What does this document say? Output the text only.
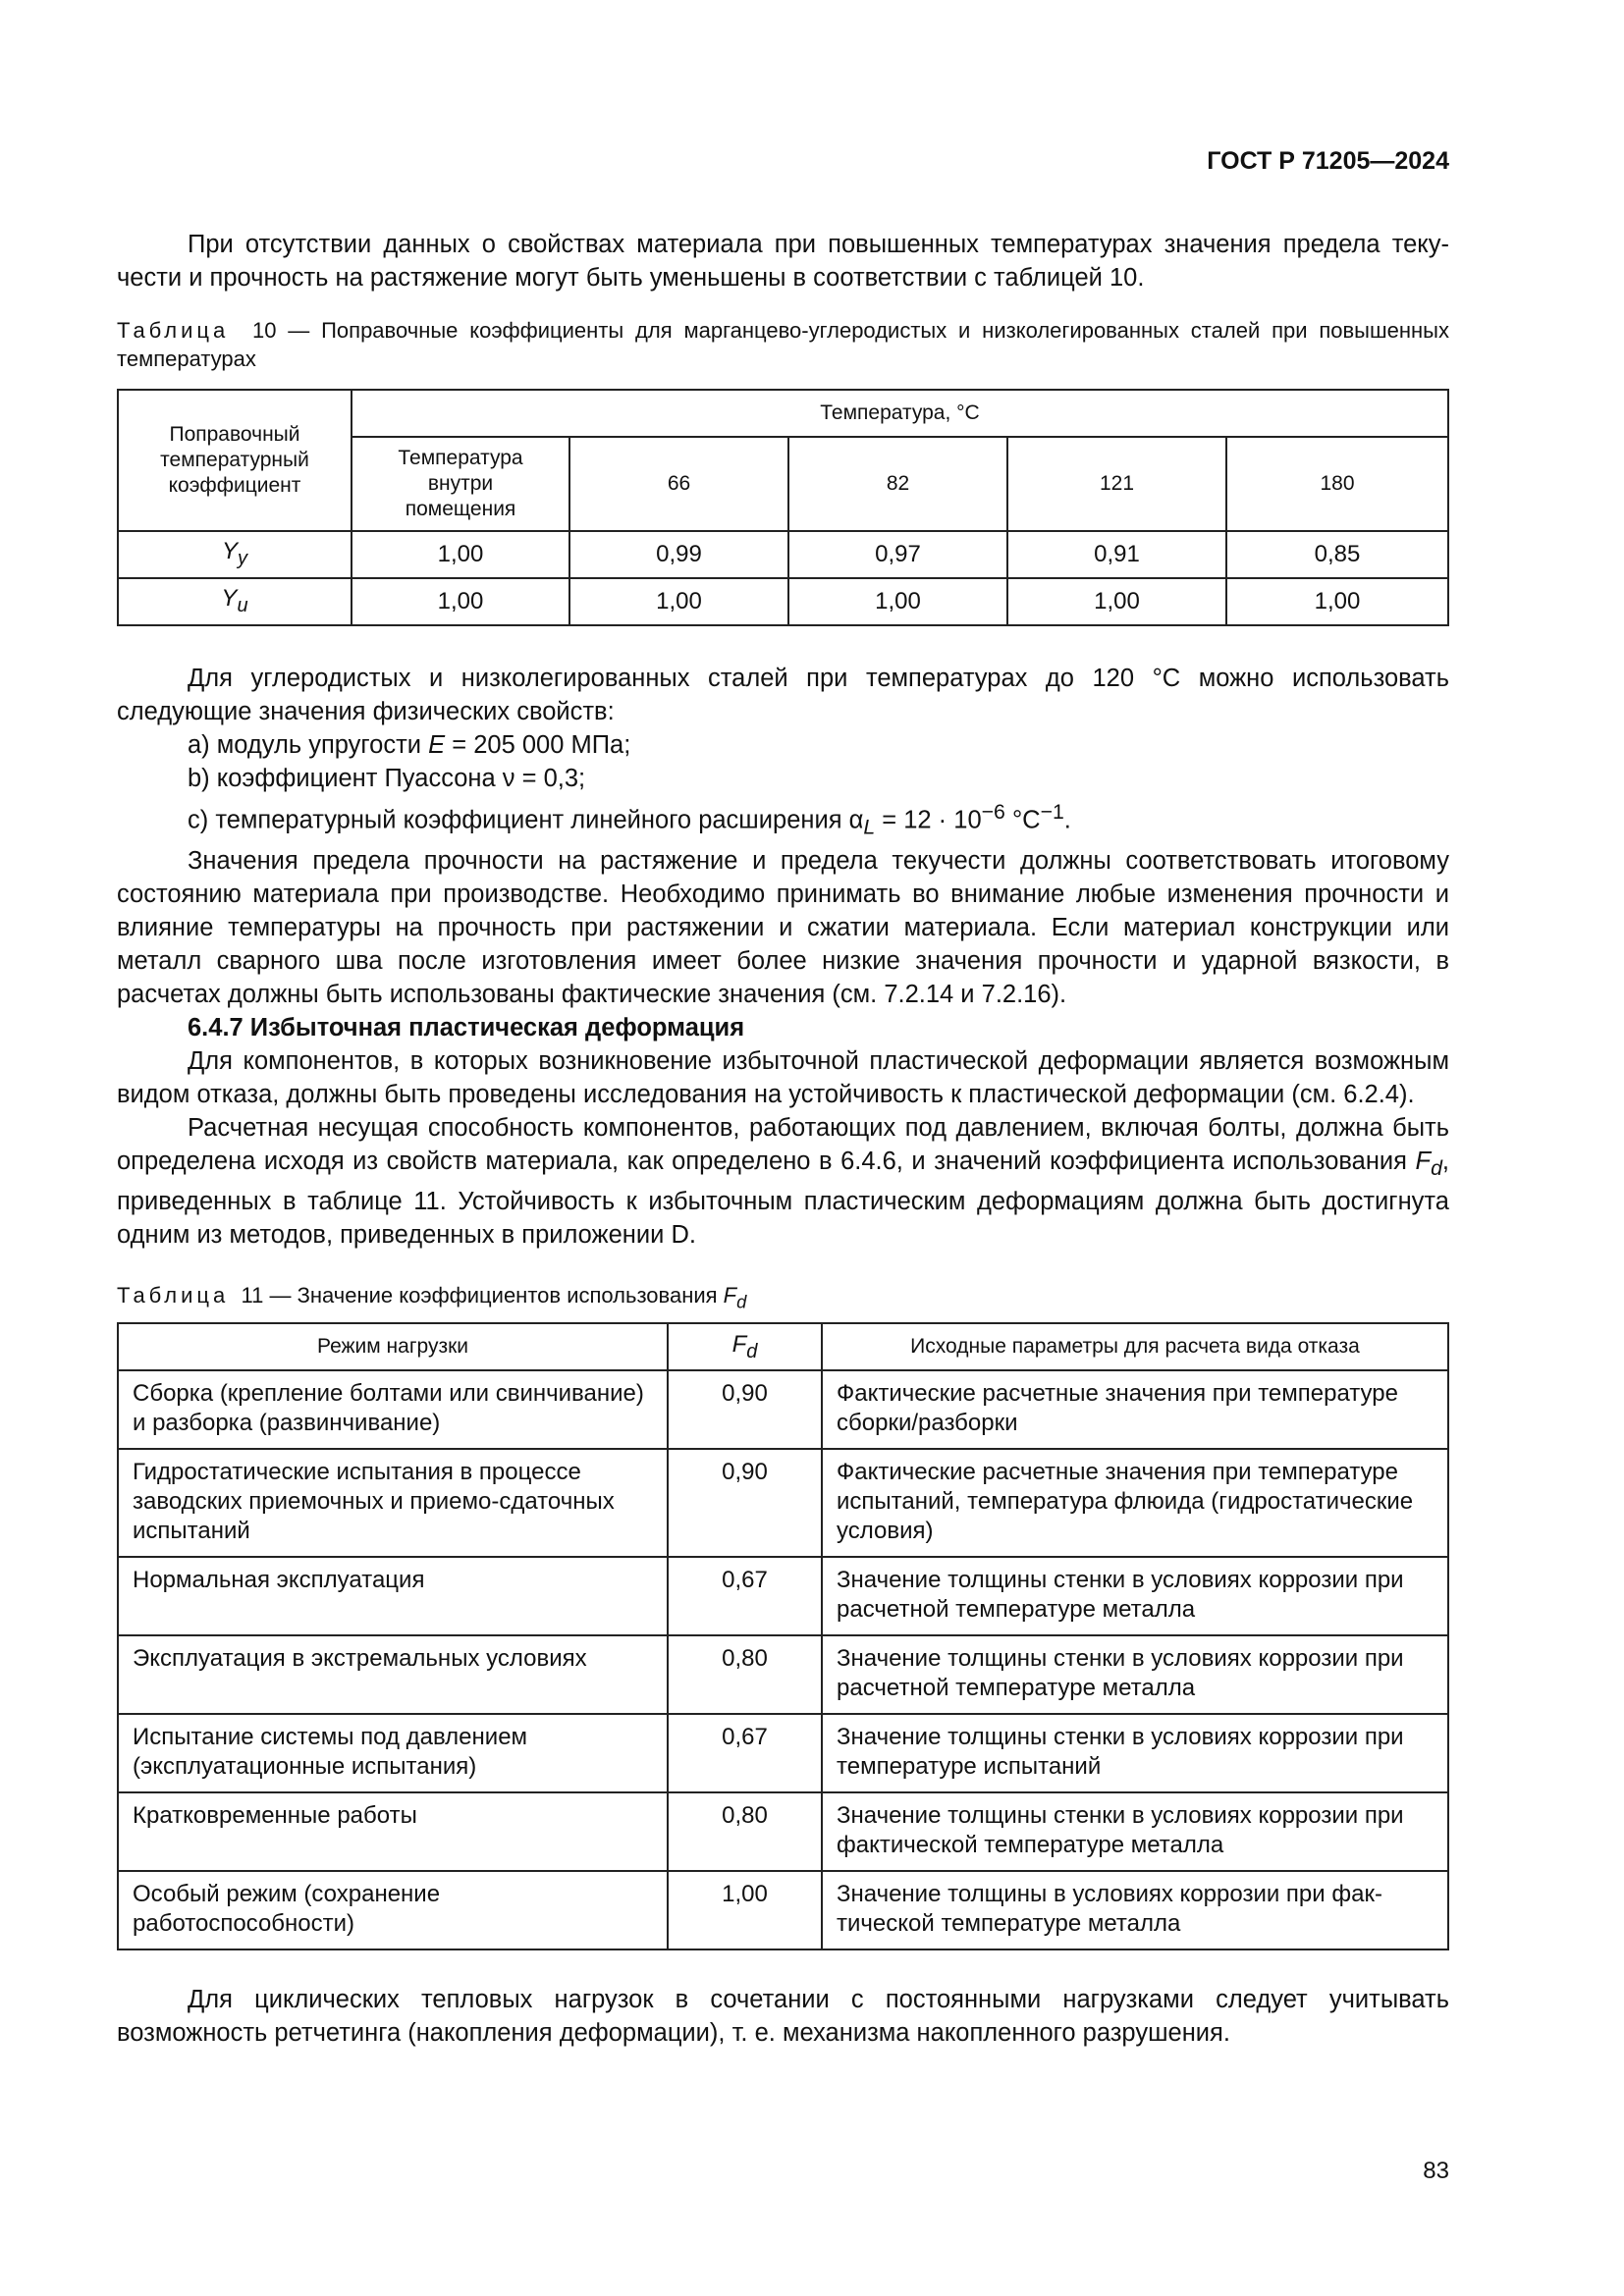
ГОСТ Р 71205—2024

При отсутствии данных о свойствах материала при повышенных температурах значения предела текучести и прочность на растяжение могут быть уменьшены в соответствии с таблицей 10.

Таблица 10 — Поправочные коэффициенты для марганцево-углеродистых и низколегированных сталей при повышенных температурах
Поправочный температурный коэффициент	Температура, °С				
	Температура внутри помещения	66	82	121	180
$Y_y$	1,00	0,99	0,97	0,91	0,85
$Y_u$	1,00	1,00	1,00	1,00	1,00

Для углеродистых и низколегированных сталей при температурах до 120 °С можно использовать следующие значения физических свойств:

а) модуль упругости E = 205 000 МПа;

b) коэффициент Пуассона ν = 0,3;

c) температурный коэффициент линейного расширения $\alpha_L = 12 \cdot 10^{-6}$ $^\circ С^{-1}$.

Значения предела прочности на растяжение и предела текучести должны соответствовать итоговому состоянию материала при производстве. Необходимо принимать во внимание любые изменения прочности и влияние температуры на прочность при растяжении и сжатии материала. Если материал конструкции или металл сварного шва после изготовления имеет более низкие значения прочности и ударной вязкости, в расчетах должны быть использованы фактические значения (см. 7.2.14 и 7.2.16).

6.4.7 Избыточная пластическая деформация

Для компонентов, в которых возникновение избыточной пластической деформации является возможным видом отказа, должны быть проведены исследования на устойчивость к пластической деформации (см. 6.2.4).

Расчетная несущая способность компонентов, работающих под давлением, включая болты, должна быть определена исходя из свойств материала, как определено в 6.4.6, и значений коэффициента использования $F_d$, приведенных в таблице 11. Устойчивость к избыточным пластическим деформациям должна быть достигнута одним из методов, приведенных в приложении D.

Таблица 11 — Значение коэффициентов использования $F_d$
Режим нагрузки	$F_d$	Исходные параметры для расчета вида отказа
Сборка (крепление болтами или свинчивание) и разборка (развинчивание)	0,90	Фактические расчетные значения при температуре сборки/разборки
Гидростатические испытания в процессе заводских приемочных и приемо-сдаточных испытаний	0,90	Фактические расчетные значения при температуре испытаний, температура флюида (гидростатические условия)
Нормальная эксплуатация	0,67	Значение толщины стенки в условиях коррозии при расчетной температуре металла
Эксплуатация в экстремальных условиях	0,80	Значение толщины стенки в условиях коррозии при расчетной температуре металла
Испытание системы под давлением (эксплуатационные испытания)	0,67	Значение толщины стенки в условиях коррозии при температуре испытаний
Кратковременные работы	0,80	Значение толщины стенки в условиях коррозии при фактической температуре металла
Особый режим (сохранение работоспособности)	1,00	Значение толщины в условиях коррозии при фактической температуре металла

Для циклических тепловых нагрузок в сочетании с постоянными нагрузками следует учитывать возможность ретчетинга (накопления деформации), т. е. механизма накопленного разрушения.

83
